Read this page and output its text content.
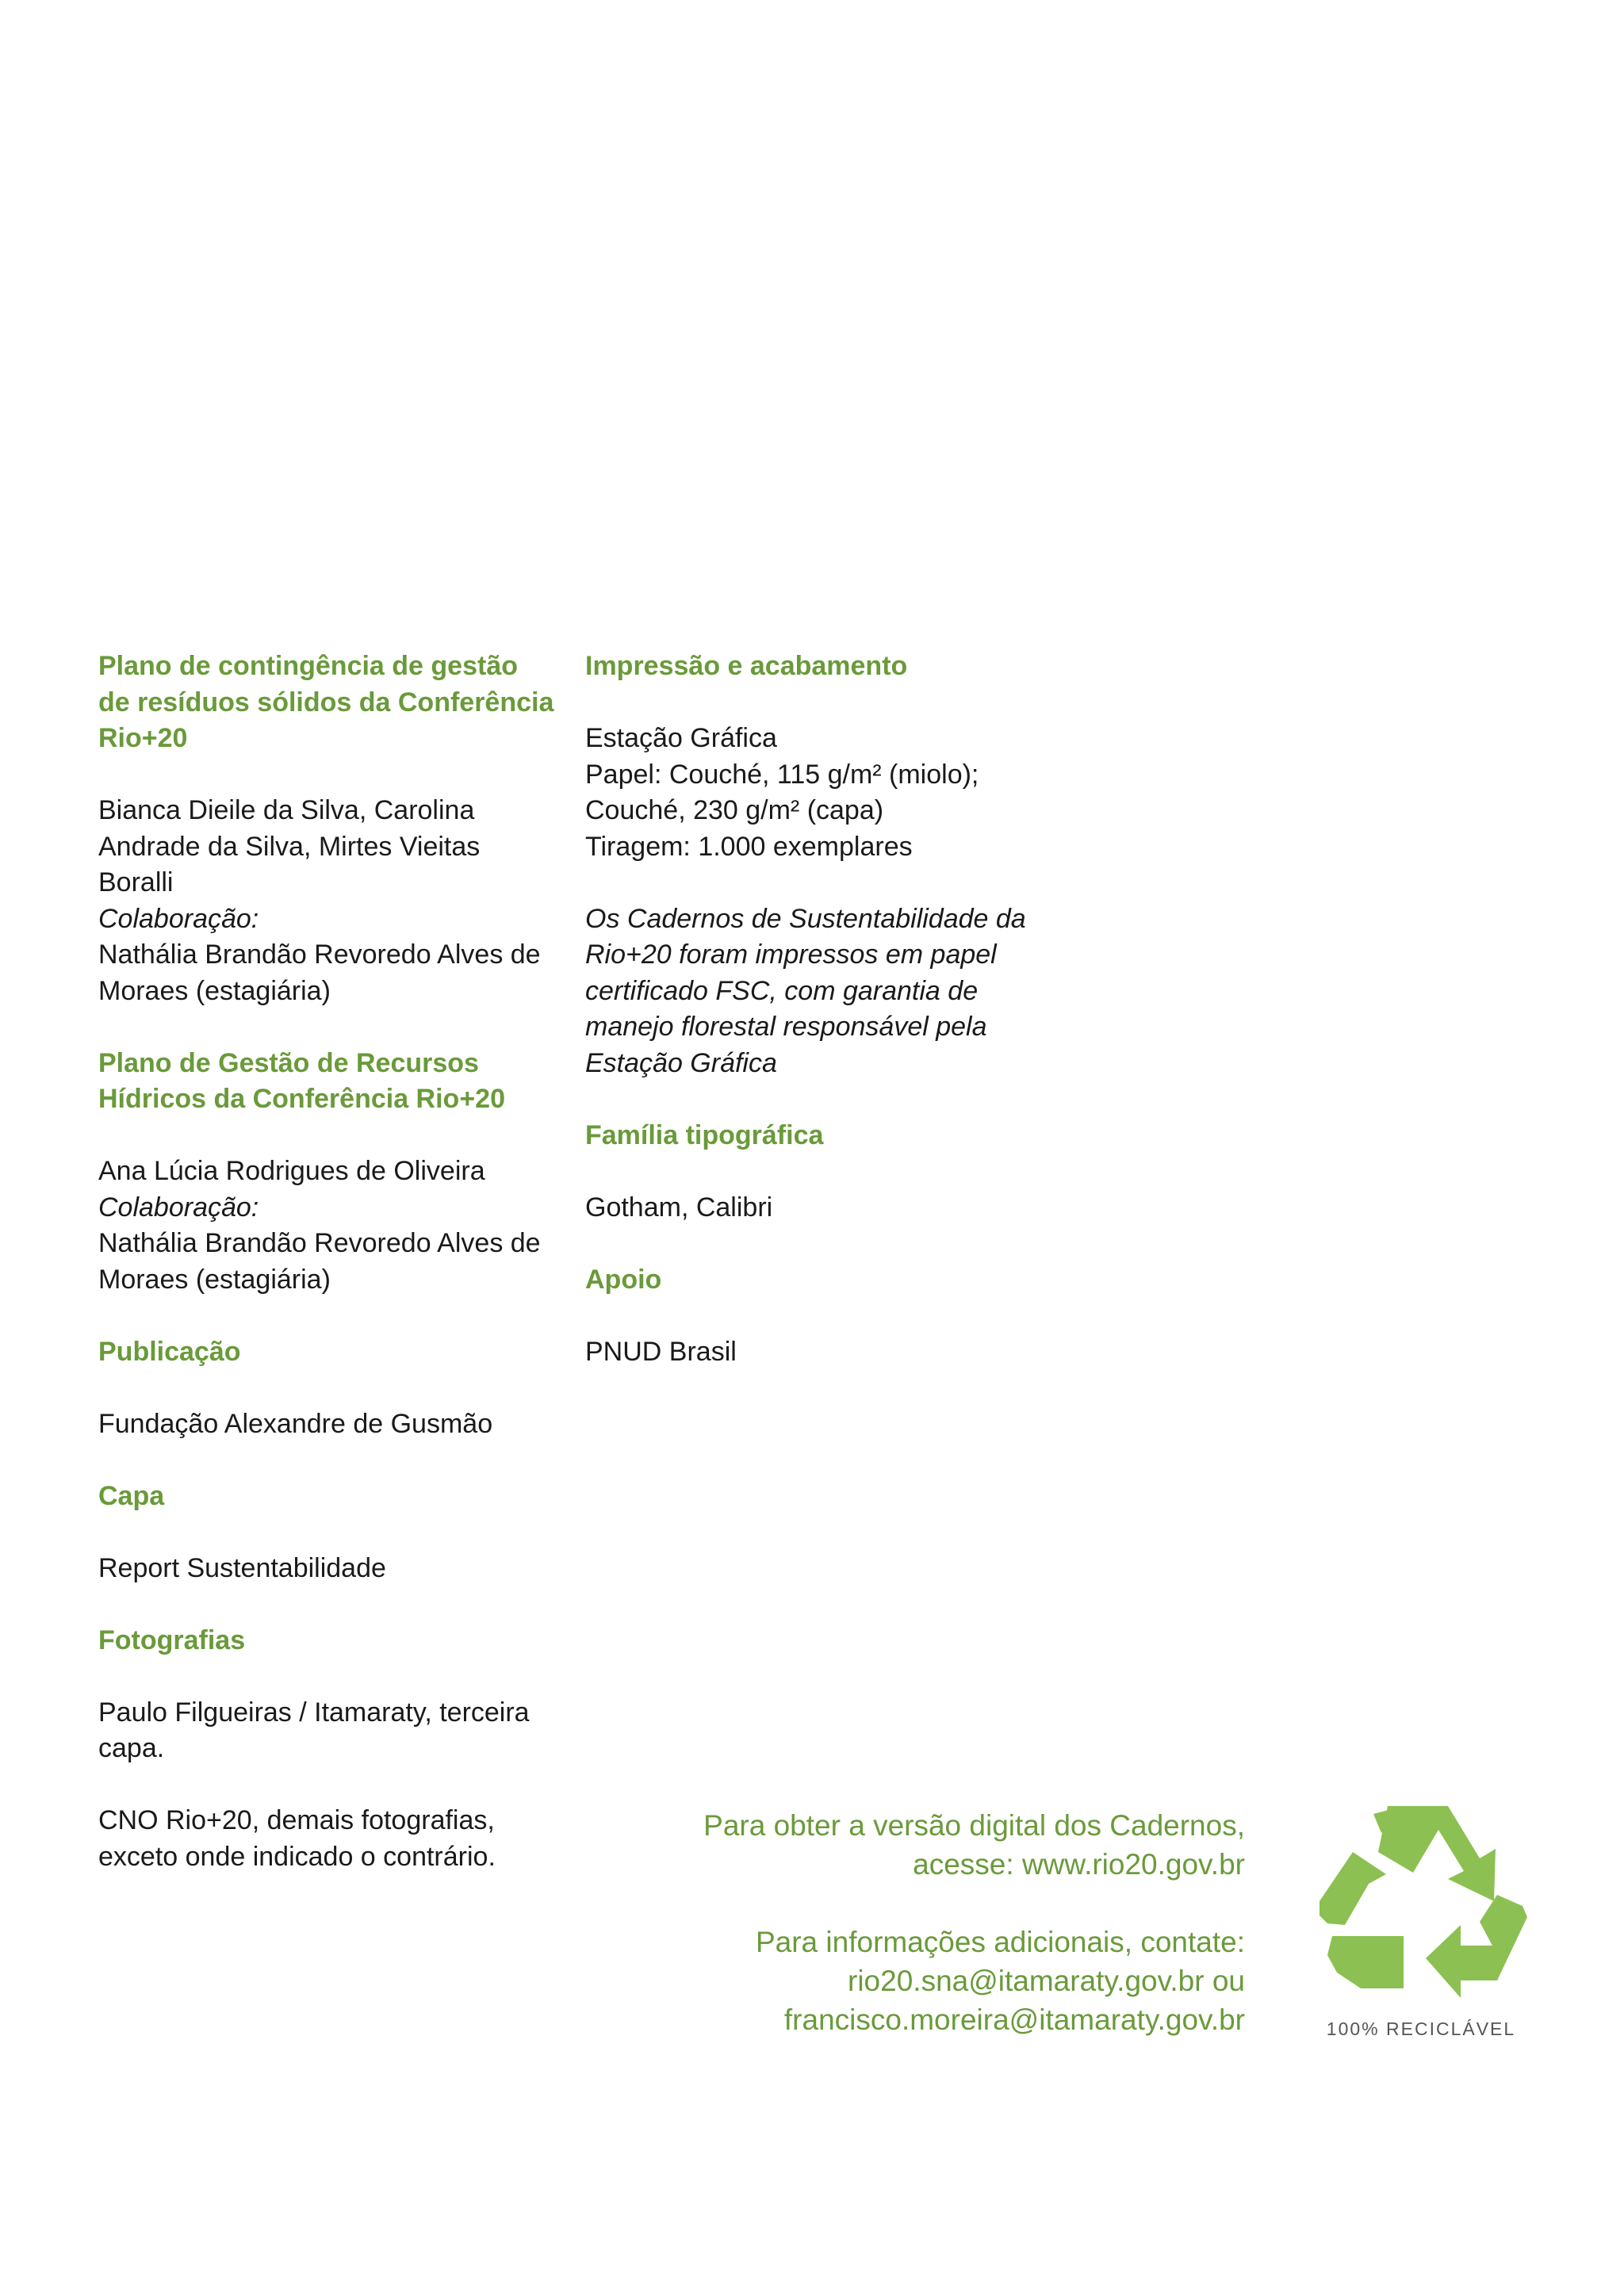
Plano de contingência de gestão
de resíduos sólidos da Conferência
Rio+20

Bianca Dieile da Silva, Carolina
Andrade da Silva, Mirtes Vieitas
Boralli
Colaboração:
Nathália Brandão Revoredo Alves de
Moraes (estagiária)

Plano de Gestão de Recursos
Hídricos da Conferência Rio+20

Ana Lúcia Rodrigues de Oliveira
Colaboração:
Nathália Brandão Revoredo Alves de
Moraes (estagiária)

Publicação

Fundação Alexandre de Gusmão

Capa

Report Sustentabilidade

Fotografias

Paulo Filgueiras / Itamaraty, terceira
capa.

CNO Rio+20, demais fotografias,
exceto onde indicado o contrário.

Impressão e acabamento

Estação Gráfica
Papel: Couché, 115 g/m² (miolo);
Couché, 230 g/m² (capa)
Tiragem: 1.000 exemplares

Os Cadernos de Sustentabilidade da
Rio+20 foram impressos em papel
certificado FSC, com garantia de
manejo florestal responsável pela
Estação Gráfica

Família tipográfica

Gotham, Calibri

Apoio

PNUD Brasil

Para obter a versão digital dos Cadernos,
acesse: www.rio20.gov.br

Para informações adicionais, contate:
rio20.sna@itamaraty.gov.br ou
francisco.moreira@itamaraty.gov.br	100% RECICLÁVEL
